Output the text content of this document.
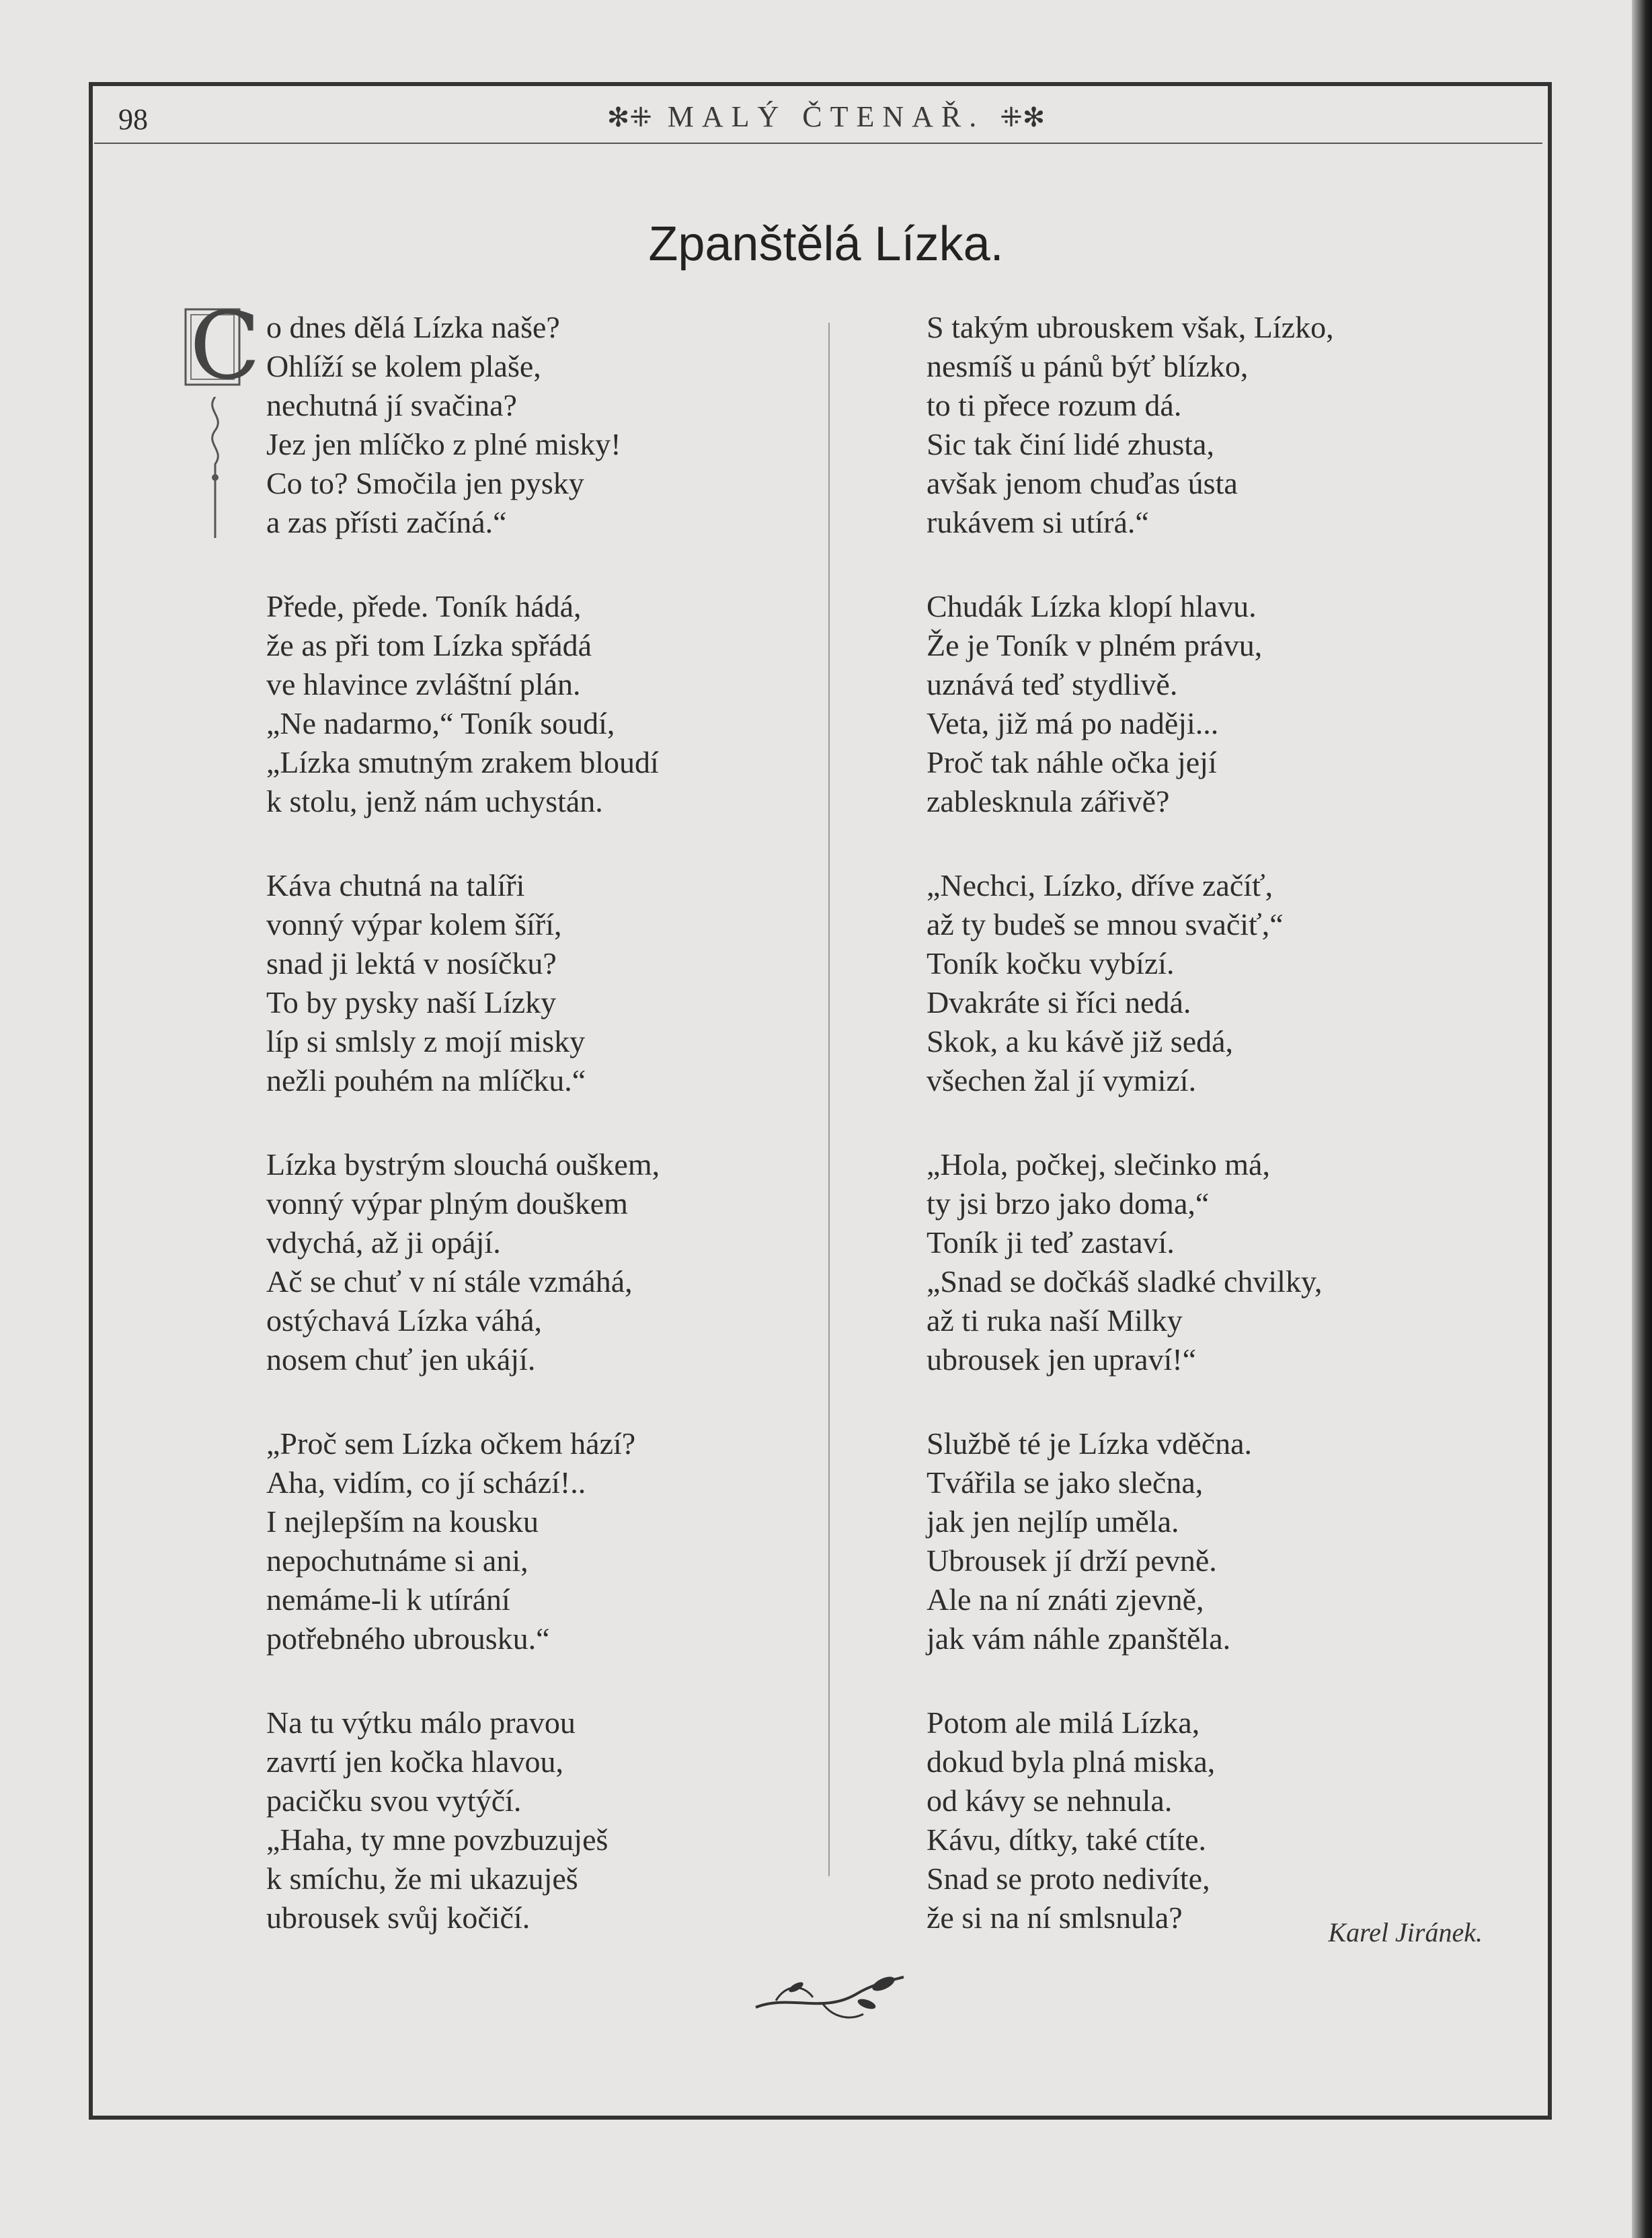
98	✻⁜ MALÝ ČTENAŘ. ⁜✻
Zpanštělá Lízka.
C o dnes dělá Lízka naše?
Ohlíží se kolem plaše,
nechutná jí svačina?
Jez jen mlíčko z plné misky!
Co to? Smočila jen pysky
a zas přísti začíná.“
Přede, přede. Toník hádá,
že as při tom Lízka spřádá
ve hlavince zvláštní plán.
„Ne nadarmo,“ Toník soudí,
„Lízka smutným zrakem bloudí
k stolu, jenž nám uchystán.
Káva chutná na talíři
vonný výpar kolem šíří,
snad ji lektá v nosíčku?
To by pysky naší Lízky
líp si smlsly z mojí misky
nežli pouhém na mlíčku.“
Lízka bystrým slouchá ouškem,
vonný výpar plným douškem
vdychá, až ji opájí.
Ač se chuť v ní stále vzmáhá,
ostýchavá Lízka váhá,
nosem chuť jen ukájí.
„Proč sem Lízka očkem hází?
Aha, vidím, co jí schází!..
I nejlepším na kousku
nepochutnáme si ani,
nemáme-li k utírání
potřebného ubrousku.“
Na tu výtku málo pravou
zavrtí jen kočka hlavou,
pacičku svou vytýčí.
„Haha, ty mne povzbuzuješ
k smíchu, že mi ukazuješ
ubrousek svůj kočičí.
S takým ubrouskem však, Lízko,
nesmíš u pánů býť blízko,
to ti přece rozum dá.
Sic tak činí lidé zhusta,
avšak jenom chuďas ústa
rukávem si utírá.“
Chudák Lízka klopí hlavu.
Že je Toník v plném právu,
uznává teď stydlivě.
Veta, již má po naději...
Proč tak náhle očka její
zablesknula zářivě?
„Nechci, Lízko, dříve začíť,
až ty budeš se mnou svačiť,“
Toník kočku vybízí.
Dvakráte si říci nedá.
Skok, a ku kávě již sedá,
všechen žal jí vymizí.
„Hola, počkej, slečinko má,
ty jsi brzo jako doma,“
Toník ji teď zastaví.
„Snad se dočkáš sladké chvilky,
až ti ruka naší Milky
ubrousek jen upraví!“
Službě té je Lízka vděčna.
Tvářila se jako slečna,
jak jen nejlíp uměla.
Ubrousek jí drží pevně.
Ale na ní znáti zjevně,
jak vám náhle zpanštěla.
Potom ale milá Lízka,
dokud byla plná miska,
od kávy se nehnula.
Kávu, dítky, také ctíte.
Snad se proto nedivíte,
že si na ní smlsnula?	Karel Jiránek.
